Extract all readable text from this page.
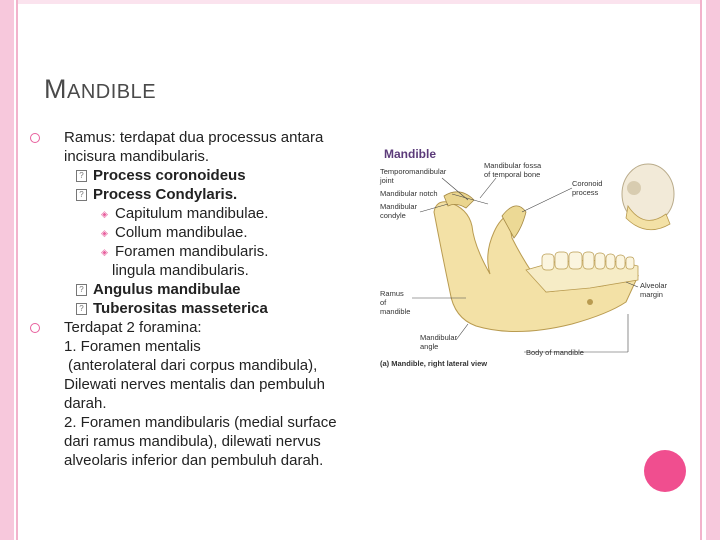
MANDIBLE
Ramus: terdapat dua processus antara
incisura mandibularis.
? Process coronoideus
? Process Condylaris.
◈ Capitulum mandibulae.
◈ Collum mandibulae.
◈ Foramen mandibularis.
lingula mandibularis.
? Angulus mandibulae
? Tuberositas masseterica
Terdapat 2 foramina:
1. Foramen mentalis
(anterolateral dari corpus mandibula),
Dilewati nerves mentalis dan pembuluh
darah.
2. Foramen mandibularis (medial surface
dari ramus mandibula), dilewati nervus
alveolaris inferior dan pembuluh darah.
Mandible
Temporomandibular
joint
Mandibular notch
Mandibular
condyle
Mandibular fossa
of temporal bone
Coronoid
process
Ramus
of
mandible
Alveolar
margin
Mandibular
angle
Body of mandible
(a) Mandible, right lateral view
